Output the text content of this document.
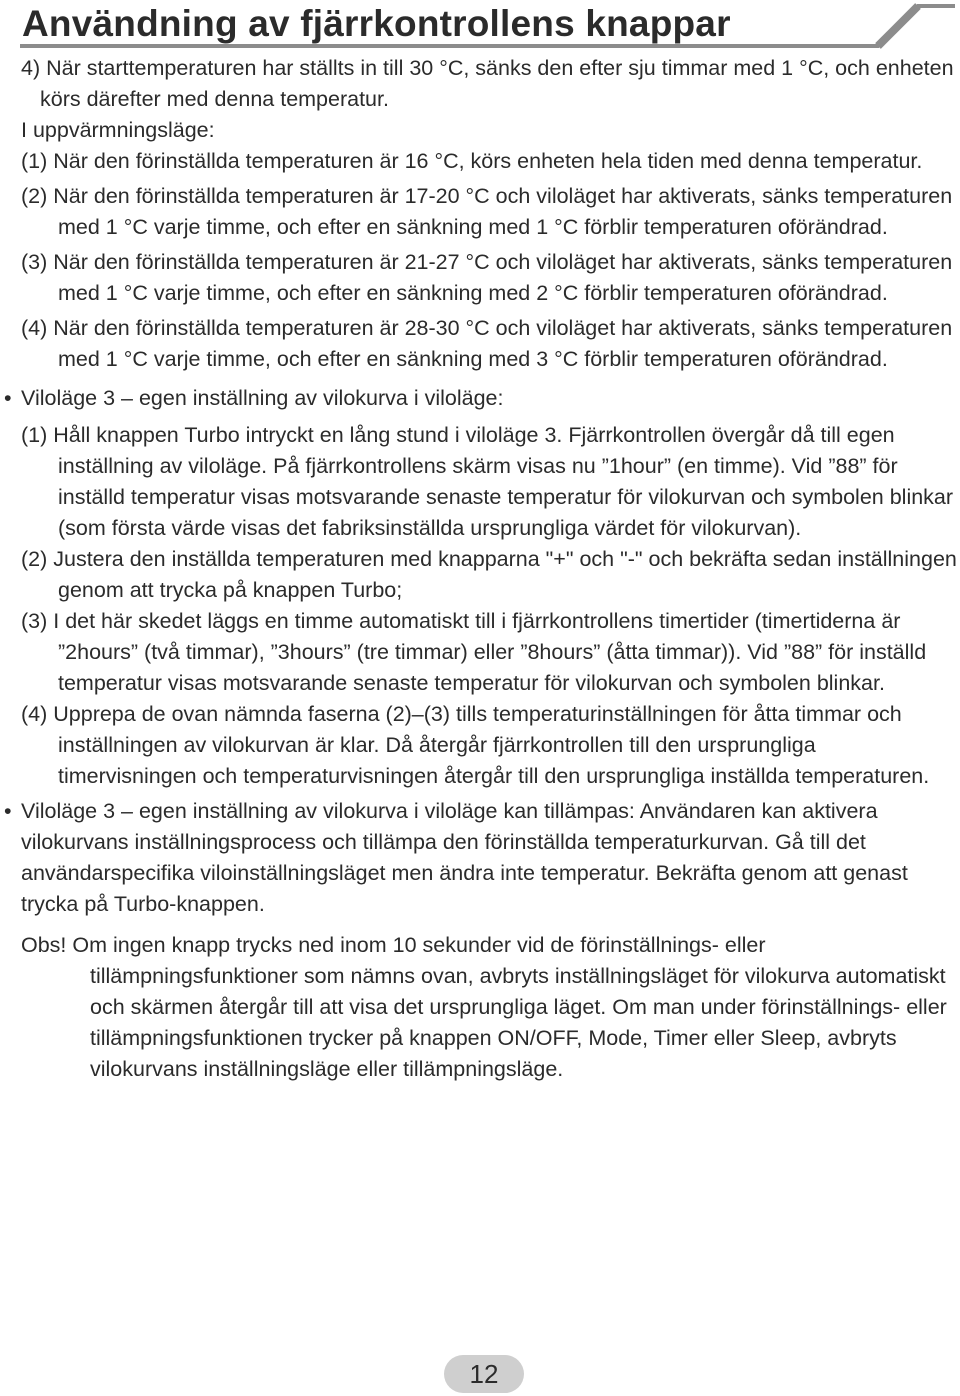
Användning av fjärrkontrollens knappar

4) När starttemperaturen har ställts in till 30 °C, sänks den efter sju timmar med 1 °C, och enheten körs därefter med denna temperatur.

I uppvärmningsläge:

(1) När den förinställda temperaturen är 16 °C, körs enheten hela tiden med denna temperatur.

(2) När den förinställda temperaturen är 17-20 °C och viloläget har aktiverats, sänks temperaturen med 1 °C varje timme, och efter en sänkning med 1 °C förblir temperaturen oförändrad.

(3) När den förinställda temperaturen är 21-27 °C och viloläget har aktiverats, sänks temperaturen med 1 °C varje timme, och efter en sänkning med 2 °C förblir temperaturen oförändrad.

(4) När den förinställda temperaturen är 28-30 °C och viloläget har aktiverats, sänks temperaturen med 1 °C varje timme, och efter en sänkning med 3 °C förblir temperaturen oförändrad.

• Viloläge 3 – egen inställning av vilokurva i viloläge:

(1) Håll knappen Turbo intryckt en lång stund i viloläge 3. Fjärrkontrollen övergår då till egen inställning av viloläge. På fjärrkontrollens skärm visas nu ”1hour” (en timme). Vid ”88” för inställd temperatur visas motsvarande senaste temperatur för vilokurvan och symbolen blinkar (som första värde visas det fabriksinställda ursprungliga värdet för vilokurvan).

(2) Justera den inställda temperaturen med knapparna "+" och "-" och bekräfta sedan inställningen genom att trycka på knappen Turbo;

(3) I det här skedet läggs en timme automatiskt till i fjärrkontrollens timertider (timertiderna är ”2hours” (två timmar), ”3hours” (tre timmar) eller ”8hours” (åtta timmar)). Vid ”88” för inställd temperatur visas motsvarande senaste temperatur för vilokurvan och symbolen blinkar.

(4) Upprepa de ovan nämnda faserna (2)–(3) tills temperaturinställningen för åtta timmar och inställningen av vilokurvan är klar. Då återgår fjärrkontrollen till den ursprungliga timervisningen och temperaturvisningen återgår till den ursprungliga inställda temperaturen.

• Viloläge 3 – egen inställning av vilokurva i viloläge kan tillämpas: Användaren kan aktivera vilokurvans inställningsprocess och tillämpa den förinställda temperaturkurvan. Gå till det användarspecifika viloinställningsläget men ändra inte temperatur. Bekräfta genom att genast trycka på Turbo-knappen.

Obs! Om ingen knapp trycks ned inom 10 sekunder vid de förinställnings- eller tillämpningsfunktioner som nämns ovan, avbryts inställningsläget för vilokurva automatiskt och skärmen återgår till att visa det ursprungliga läget. Om man under förinställnings- eller tillämpningsfunktionen trycker på knappen ON/OFF, Mode, Timer eller Sleep, avbryts vilokurvans inställningsläge eller tillämpningsläge.

12
